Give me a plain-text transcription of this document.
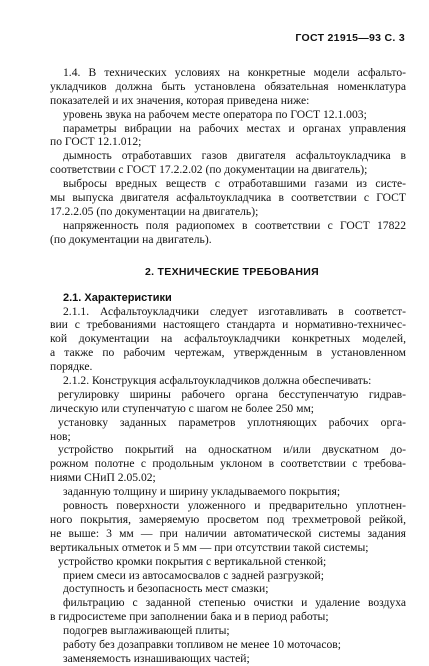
ГОСТ 21915—93 С. 3
1.4. В технических условиях на конкретные модели асфальто-
укладчиков должна быть установлена обязательная номенклатура
показателей и их значения, которая приведена ниже:
уровень звука на рабочем месте оператора по ГОСТ 12.1.003;
параметры вибрации на рабочих местах и органах управления
по ГОСТ 12.1.012;
дымность отработавших газов двигателя асфальтоукладчика в
соответствии с ГОСТ 17.2.2.02 (по документации на двигатель);
выбросы вредных веществ с отработавшими газами из систе-
мы выпуска двигателя асфальтоукладчика в соответствии с ГОСТ
17.2.2.05 (по документации на двигатель);
напряженность поля радиопомех в соответствии с ГОСТ 17822
(по документации на двигатель).
2. ТЕХНИЧЕСКИЕ ТРЕБОВАНИЯ
2.1. Характеристики
2.1.1. Асфальтоукладчики следует изготавливать в соответст-
вии с требованиями настоящего стандарта и нормативно-техничес-
кой документации на асфальтоукладчики конкретных моделей,
а также по рабочим чертежам, утвержденным в установленном
порядке.
2.1.2. Конструкция асфальтоукладчиков должна обеспечивать:
регулировку ширины рабочего органа бесступенчатую гидрав-
лическую или ступенчатую с шагом не более 250 мм;
установку заданных параметров уплотняющих рабочих орга-
нов;
устройство покрытий на односкатном и/или двускатном до-
рожном полотне с продольным уклоном в соответствии с требова-
ниями СНиП 2.05.02;
заданную толщину и ширину укладываемого покрытия;
ровность поверхности уложенного и предварительно уплотнен-
ного покрытия, замеряемую просветом под трехметровой рейкой,
не выше: 3 мм — при наличии автоматической системы задания
вертикальных отметок и 5 мм — при отсутствии такой системы;
устройство кромки покрытия с вертикальной стенкой;
прием смеси из автосамосвалов с задней разгрузкой;
доступность и безопасность мест смазки;
фильтрацию с заданной степенью очистки и удаление воздуха
в гидросистеме при заполнении бака и в период работы;
подогрев выглаживающей плиты;
работу без дозаправки топливом не менее 10 моточасов;
заменяемость изнашивающих частей;
